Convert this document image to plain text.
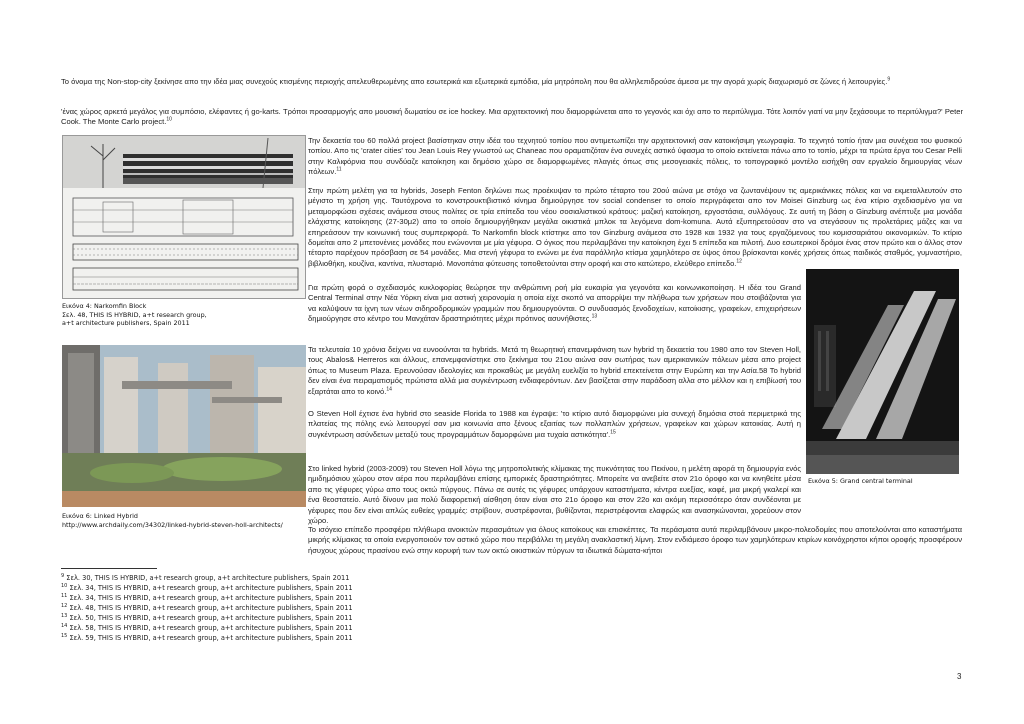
Το όνομα της Non-stop-city ξεκίνησε απο την ιδέα μιας συνεχούς κτισμένης περιοχής απελευθερωμένης απο εσωτερικά και εξωτερικά εμπόδια, μία μητρόπολη που θα αλληλεπιδρούσε άμεσα με την αγορά χωρίς διαχωρισμό σε ζώνες ή λειτουργίες.$^9$

'ένας χώρος αρκετά μεγάλος για συμπόσιο, ελέφαντες ή go-karts. Τρόποι προσαρμογής απο μουσική δωματίου σε ice hockey. Μια αρχιτεκτονική που διαμορφώνεται απο το γεγονός και όχι απο το περιτύλιγμα. Τότε λοιπόν γιατί να μην ξεχάσουμε το περιτύλιγμα?' Peter Cook. The Monte Carlo project.$^{10}$

Εικόνα 4: Narkomfin Block
Σελ. 48, THIS IS HYBRID, a+t research group,
a+t architecture publishers, Spain 2011
Εικόνα 6: Linked Hybrid
http://www.archdaily.com/34302/linked-hybrid-steven-holl-architects/
Εικόνα 5: Grand central terminal

Την δεκαετία του 60 πολλά project βασίστηκαν στην ιδέα του τεχνητού τοπίου που αντιμετωπίζει την αρχιτεκτονική σαν κατοικήσιμη γεωγραφία. Το τεχνητό τοπίο ήταν μια συνέχεια του φυσικού τοπίου. Απο τις 'crater cities' του Jean Louis Rey γνωστού ως Chaneac που οραματιζόταν ένα συνεχές αστικό ύφασμα το οποίο εκτείνεται πάνω απο το τοπίο, μέχρι τα πρώτα έργα του Cesar Pelli στην Καλιφόρνια που συνδύαζε κατοίκηση και δημόσιο χώρο σε διαμορφωμένες πλαγιές όπως στις μεσογειακές πόλεις, το τοπογραφικό μοντέλο εισήχθη σαν εργαλείο δημιουργίας νέων πόλεων.$^{11}$

Στην πρώτη μελέτη για τα hybrids, Joseph Fenton δηλώνει πως προέκυψαν το πρώτο τέταρτο του 20ού αιώνα με στόχο να ζωντανέψουν τις αμερικάνικες πόλεις και να εκμεταλλευτούν στο μέγιστο τη χρήση γης. Ταυτόχρονα το κονστρουκτιβιστικό κίνημα δημιούργησε τον social condenser το οποίο περιγράφεται απο τον Moisei Ginzburg ως ένα κτίριο σχεδιασμένο για να μεταμορφώσει σχέσεις ανάμεσα στους πολίτες σε τρία επίπεδα του νέου σοσιαλιστικού κράτους: μαζική κατοίκηση, εργοστάσια, συλλόγους. Σε αυτή τη βάση ο Ginzburg ανέπτυξε μια μονάδα ελάχιστης κατοίκησης (27-30μ2) απο το οποίο δημιουργήθηκαν μεγάλα οικιστικά μπλοκ τα λεγόμενα dom-komuna. Αυτά εξυπηρετούσαν στο να στεγάσουν τις προλετάριες μάζες και να επηρεάσουν την κοινωνική τους συμπεριφορά. Το Narkomfin block κτίστηκε απο τον Ginzburg ανάμεσα στο 1928 και 1932 για τους εργαζόμενους του κομισσαριάτου οικονομικών. Το κτίριο δομείται απο 2 μπετονένιες μονάδες που ενώνονται με μία γέφυρα. Ο όγκος που περιλαμβάνει την κατοίκηση έχει 5 επίπεδα και πιλοτή. Δυο εσωτερικοί δρόμοι ένας στον πρώτο και ο άλλος στον τέταρτο παρέχουν πρόσβαση σε 54 μονάδες. Μια στενή γέφυρα το ενώνει με ένα παράλληλο κτίσμα χαμηλότερο σε ύψος όπου βρίσκονται κοινές χρήσεις όπως παιδικός σταθμός, γυμναστήριο, βιβλιοθήκη, κουζίνα, καντίνα, πλυσταριό. Μονοπάτια φύτευσης τοποθετούνται στην οροφή και στο κατώτερο, ελεύθερο επίπεδο.$^{12}$

Για πρώτη φορά ο σχεδιασμός κυκλοφορίας θεώρησε την ανθρώπινη ροή μία ευκαιρία για γεγονότα και κοινωνικοποίηση. Η ιδέα του Grand Central Terminal στην Νέα Υόρκη είναι μια αστική χειρονομία η οποία είχε σκοπό να απορρίψει την πλήθωρα των χρήσεων που στοιβάζονται για να καλύψουν τα ίχνη των νέων σιδηροδρομικών γραμμών που δημιουργούνται. Ο συνδυασμός ξενοδοχείων, κατοίκισης, γραφείων, επιχειρήσεων δημιούργησε στο κέντρο του Μανχάταν δραστηριότητες μέχρι πρότινος ασυνήθιστες.$^{13}$

Τα τελευταία 10 χρόνια δείχνει να ευνοούνται τα hybrids. Μετά τη θεωρητική επανεμφάνιση των hybrid τη δεκαετία του 1980 απο τον Steven Holl, τους Abalos& Herreros και άλλους, επανεμφανίστηκε στο ξεκίνημα του 21ου αιώνα σαν σωτήρας των αμερικανικών πόλεων μέσα απο project όπως το Museum Plaza. Ερευνούσαν ιδεολογίες και προκαθώς με μεγάλη ευελιξία το hybrid επεκτείνεται στην Ευρώπη και την Ασία.58 Το hybrid δεν είναι ένα πειραματισμός πρώτιστα αλλά μια συγκέντρωση ενδιαφερόντων. Δεν βασίζεται στην παράδοση αλλα στο μέλλον και η επιβίωσή του εξαρτάται απο το κοινό.$^{14}$

Ο Steven Holl έχτισε ένα hybrid στο seaside Florida το 1988 και έγραψε: 'το κτίριο αυτό διαμορφώνει μία συνεχή δημόσια στοά περιμετρικά της πλατείας της πόλης ενώ λειτουργεί σαν μια κοινωνία απο ξένους εξαιτίας των πολλαπλών χρήσεων, γραφείων και χώρων κατοικίας. Αυτή η συγκέντρωση ασύνδετων μεταξύ τους προγραμμάτων δαμορφώνει μια τυχαία αστικότητα'.$^{15}$

Στο linked hybrid (2003-2009) του Steven Holl λόγω της μητροπολιτικής κλίμακας της πυκνότητας του Πεκίνου, η μελέτη αφορά τη δημιουργία ενός ημιδημόσιου χώρου στον αέρα που περιλαμβάνει επίσης εμπορικές δραστηριότητες. Μπορείτε να ανεβείτε στον 21ο όροφο και να κινηθείτε μέσα απο τις γέφυρες γύρω απο τους οκτώ πύργους. Πάνω σε αυτές τις γέφυρες υπάρχουν καταστήματα, κέντρα ευεξίας, καφέ, μια μικρή γκαλερί και ένα θεοστατείο. Αυτό δίνουν μια πολύ διαφορετική αίσθηση όταν είναι στο 21ο όροφο και στον 22ο και ακόμη περισσότερο όταν συνδέονται με γέφυρες που δεν είναι απλώς ευθείες γραμμές: στρίβουν, συστρέφονται, βυθίζονται, περιστρέφονται ελαφρώς και ανασηκώνονται, χορεύουν στον χώρο.

Το ισόγειο επίπεδο προσφέρει πλήθωρα ανοικτών περασμάτων για όλους κατοίκους και επισκέπτες. Τα περάσματα αυτά περιλαμβάνουν μικρο-πολεοδομίες που αποτελούνται απο καταστήματα μικρής κλίμακας τα οποία ενεργοποιούν τον αστικό χώρο που περιβάλλει τη μεγάλη ανακλαστική λίμνη. Στον ενδιάμεσο όροφο των χαμηλότερων κτιρίων κοινόχρηστοι κήποι οροφής προσφέρουν ήσυχους χώρους πρασίνου ενώ στην κορυφή των των οκτώ οικιστικών πύργων τα ιδιωτικά δώματα-κήποι

$^9$ Σελ. 30, THIS IS HYBRID, a+t research group, a+t architecture publishers, Spain 2011

$^{10}$ Σελ. 34, THIS IS HYBRID, a+t research group, a+t architecture publishers, Spain 2011

$^{11}$ Σελ. 34, THIS IS HYBRID, a+t research group, a+t architecture publishers, Spain 2011

$^{12}$ Σελ. 48, THIS IS HYBRID, a+t research group, a+t architecture publishers, Spain 2011

$^{13}$ Σελ. 50, THIS IS HYBRID, a+t research group, a+t architecture publishers, Spain 2011

$^{14}$ Σελ. 58, THIS IS HYBRID, a+t research group, a+t architecture publishers, Spain 2011

$^{15}$ Σελ. 59, THIS IS HYBRID, a+t research group, a+t architecture publishers, Spain 2011

3
